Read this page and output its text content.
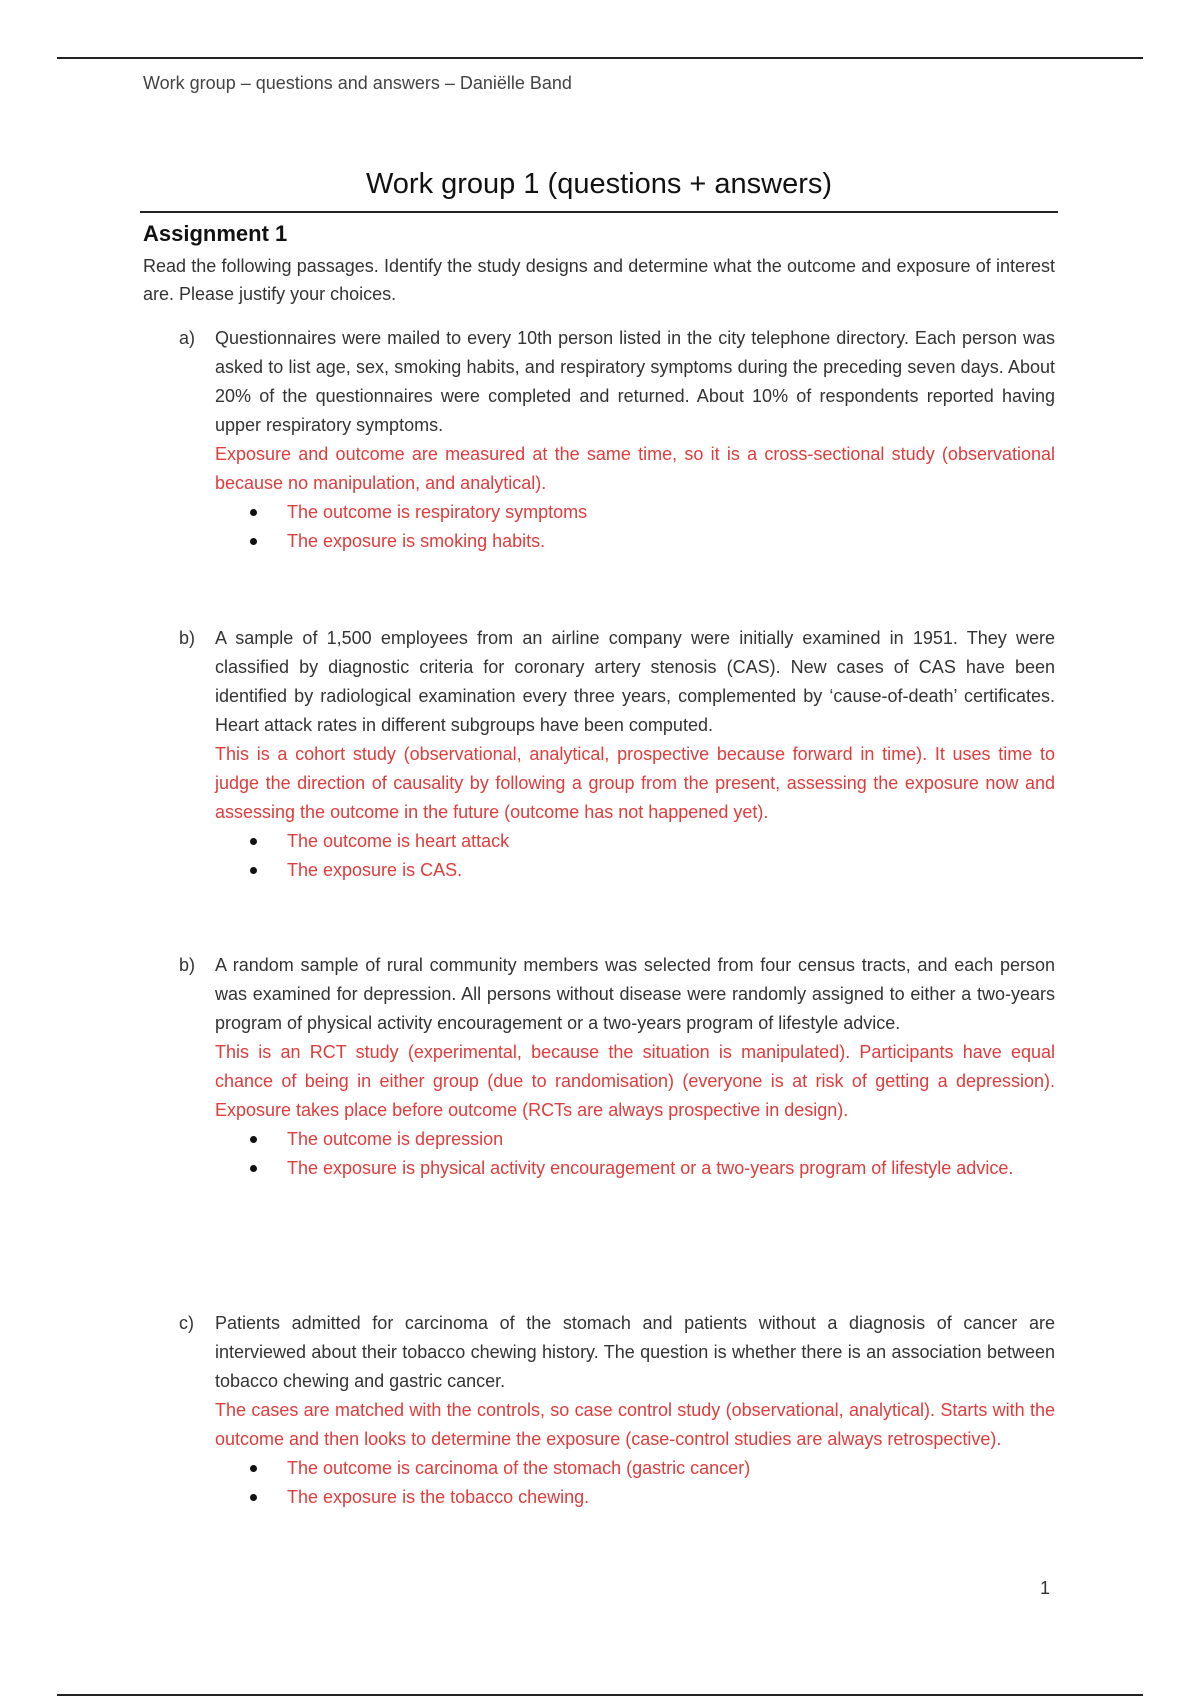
Work group – questions and answers – Daniëlle Band
Work group 1 (questions + answers)
Assignment 1
Read the following passages. Identify the study designs and determine what the outcome and exposure of interest are. Please justify your choices.
a) Questionnaires were mailed to every 10th person listed in the city telephone directory. Each person was asked to list age, sex, smoking habits, and respiratory symptoms during the preceding seven days. About 20% of the questionnaires were completed and returned. About 10% of respondents reported having upper respiratory symptoms.
Exposure and outcome are measured at the same time, so it is a cross-sectional study (observational because no manipulation, and analytical).
The outcome is respiratory symptoms
The exposure is smoking habits.
b) A sample of 1,500 employees from an airline company were initially examined in 1951. They were classified by diagnostic criteria for coronary artery stenosis (CAS). New cases of CAS have been identified by radiological examination every three years, complemented by ‘cause-of-death’ certificates. Heart attack rates in different subgroups have been computed.
This is a cohort study (observational, analytical, prospective because forward in time). It uses time to judge the direction of causality by following a group from the present, assessing the exposure now and assessing the outcome in the future (outcome has not happened yet).
The outcome is heart attack
The exposure is CAS.
b) A random sample of rural community members was selected from four census tracts, and each person was examined for depression. All persons without disease were randomly assigned to either a two-years program of physical activity encouragement or a two-years program of lifestyle advice.
This is an RCT study (experimental, because the situation is manipulated). Participants have equal chance of being in either group (due to randomisation) (everyone is at risk of getting a depression). Exposure takes place before outcome (RCTs are always prospective in design).
The outcome is depression
The exposure is physical activity encouragement or a two-years program of lifestyle advice.
c) Patients admitted for carcinoma of the stomach and patients without a diagnosis of cancer are interviewed about their tobacco chewing history. The question is whether there is an association between tobacco chewing and gastric cancer.
The cases are matched with the controls, so case control study (observational, analytical). Starts with the outcome and then looks to determine the exposure (case-control studies are always retrospective).
The outcome is carcinoma of the stomach (gastric cancer)
The exposure is the tobacco chewing.
1
